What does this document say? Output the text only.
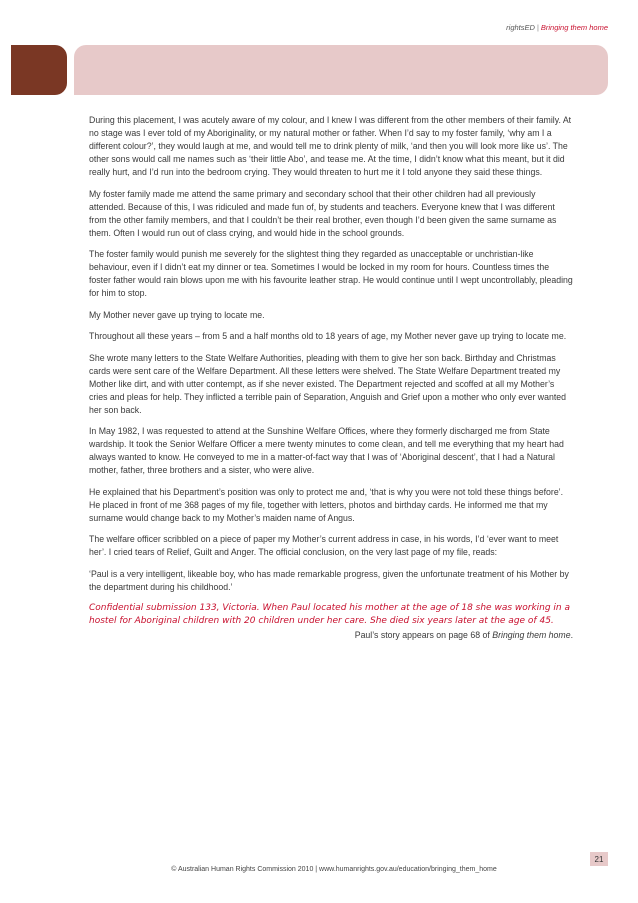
rightsED | Bringing them home

During this placement, I was acutely aware of my colour, and I knew I was different from the other members of their family. At no stage was I ever told of my Aboriginality, or my natural mother or father. When I’d say to my foster family, ‘why am I a different colour?’, they would laugh at me, and would tell me to drink plenty of milk, ‘and then you will look more like us’. The other sons would call me names such as ‘their little Abo’, and tease me. At the time, I didn’t know what this meant, but it did really hurt, and I’d run into the bedroom crying. They would threaten to hurt me it I told anyone they said these things.

My foster family made me attend the same primary and secondary school that their other children had all previously attended. Because of this, I was ridiculed and made fun of, by students and teachers. Everyone knew that I was different from the other family members, and that I couldn’t be their real brother, even though I’d been given the same surname as them. Often I would run out of class crying, and would hide in the school grounds.

The foster family would punish me severely for the slightest thing they regarded as unacceptable or unchristian-like behaviour, even if I didn’t eat my dinner or tea. Sometimes I would be locked in my room for hours. Countless times the foster father would rain blows upon me with his favourite leather strap. He would continue until I wept uncontrollably, pleading for him to stop.

My Mother never gave up trying to locate me.

Throughout all these years – from 5 and a half months old to 18 years of age, my Mother never gave up trying to locate me.

She wrote many letters to the State Welfare Authorities, pleading with them to give her son back. Birthday and Christmas cards were sent care of the Welfare Department. All these letters were shelved. The State Welfare Department treated my Mother like dirt, and with utter contempt, as if she never existed. The Department rejected and scoffed at all my Mother’s cries and pleas for help. They inflicted a terrible pain of Separation, Anguish and Grief upon a mother who only ever wanted her son back.

In May 1982, I was requested to attend at the Sunshine Welfare Offices, where they formerly discharged me from State wardship. It took the Senior Welfare Officer a mere twenty minutes to come clean, and tell me everything that my heart had always wanted to know. He conveyed to me in a matter-of-fact way that I was of ‘Aboriginal descent’, that I had a Natural mother, father, three brothers and a sister, who were alive.

He explained that his Department’s position was only to protect me and, ‘that is why you were not told these things before’. He placed in front of me 368 pages of my file, together with letters, photos and birthday cards. He informed me that my surname would change back to my Mother’s maiden name of Angus.

The welfare officer scribbled on a piece of paper my Mother’s current address in case, in his words, I’d ‘ever want to meet her’. I cried tears of Relief, Guilt and Anger. The official conclusion, on the very last page of my file, reads:

‘Paul is a very intelligent, likeable boy, who has made remarkable progress, given the unfortunate treatment of his Mother by the department during his childhood.’

Confidential submission 133, Victoria. When Paul located his mother at the age of 18 she was working in a hostel for Aboriginal children with 20 children under her care. She died six years later at the age of 45.

Paul’s story appears on page 68 of Bringing them home.

21
© Australian Human Rights Commission 2010 | www.humanrights.gov.au/education/bringing_them_home
